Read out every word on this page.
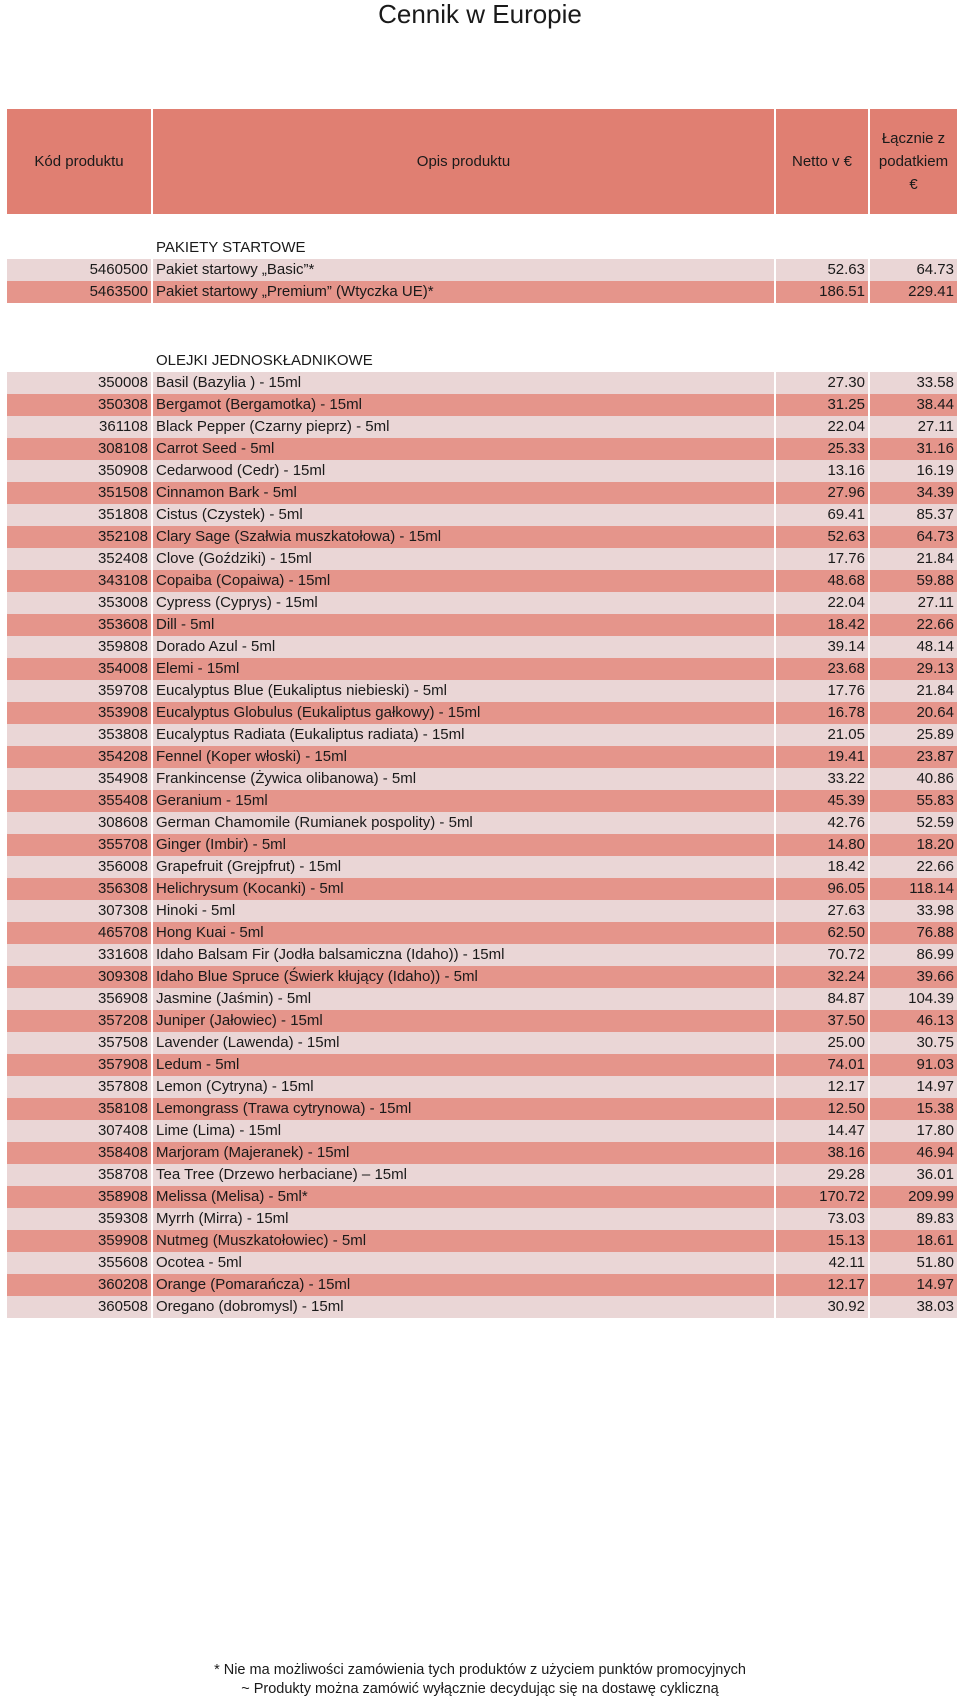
Cennik w Europie
Kód produktu	Opis produktu	Netto v €	Łącznie z
podatkiem
€

	PAKIETY STARTOWE		
5460500	Pakiet startowy „Basic”*	52.63	64.73
5463500	Pakiet startowy „Premium” (Wtyczka UE)*	186.51	229.41

	OLEJKI JEDNOSKŁADNIKOWE		
350008	Basil (Bazylia ) - 15ml	27.30	33.58
350308	Bergamot (Bergamotka) - 15ml	31.25	38.44
361108	Black Pepper (Czarny pieprz) - 5ml	22.04	27.11
308108	Carrot Seed - 5ml	25.33	31.16
350908	Cedarwood (Cedr) - 15ml	13.16	16.19
351508	Cinnamon Bark - 5ml	27.96	34.39
351808	Cistus (Czystek) - 5ml	69.41	85.37
352108	Clary Sage (Szałwia muszkatołowa) - 15ml	52.63	64.73
352408	Clove (Goździki) - 15ml	17.76	21.84
343108	Copaiba (Copaiwa) - 15ml	48.68	59.88
353008	Cypress (Cyprys) - 15ml	22.04	27.11
353608	Dill - 5ml	18.42	22.66
359808	Dorado Azul - 5ml	39.14	48.14
354008	Elemi - 15ml	23.68	29.13
359708	Eucalyptus Blue (Eukaliptus niebieski) - 5ml	17.76	21.84
353908	Eucalyptus Globulus (Eukaliptus gałkowy) - 15ml	16.78	20.64
353808	Eucalyptus Radiata (Eukaliptus radiata) - 15ml	21.05	25.89
354208	Fennel (Koper włoski) - 15ml	19.41	23.87
354908	Frankincense (Żywica olibanowa) - 5ml	33.22	40.86
355408	Geranium - 15ml	45.39	55.83
308608	German Chamomile (Rumianek pospolity) - 5ml	42.76	52.59
355708	Ginger (Imbir) - 5ml	14.80	18.20
356008	Grapefruit (Grejpfrut) - 15ml	18.42	22.66
356308	Helichrysum (Kocanki) - 5ml	96.05	118.14
307308	Hinoki - 5ml	27.63	33.98
465708	Hong Kuai - 5ml	62.50	76.88
331608	Idaho Balsam Fir (Jodła balsamiczna (Idaho)) - 15ml	70.72	86.99
309308	Idaho Blue Spruce (Świerk kłujący (Idaho)) - 5ml	32.24	39.66
356908	Jasmine (Jaśmin) - 5ml	84.87	104.39
357208	Juniper (Jałowiec) - 15ml	37.50	46.13
357508	Lavender (Lawenda) - 15ml	25.00	30.75
357908	Ledum - 5ml	74.01	91.03
357808	Lemon (Cytryna) - 15ml	12.17	14.97
358108	Lemongrass (Trawa cytrynowa) - 15ml	12.50	15.38
307408	Lime (Lima) - 15ml	14.47	17.80
358408	Marjoram (Majeranek) - 15ml	38.16	46.94
358708	Tea Tree (Drzewo herbaciane) – 15ml	29.28	36.01
358908	Melissa (Melisa) - 5ml*	170.72	209.99
359308	Myrrh (Mirra) - 15ml	73.03	89.83
359908	Nutmeg (Muszkatołowiec) - 5ml	15.13	18.61
355608	Ocotea - 5ml	42.11	51.80
360208	Orange (Pomarańcza) - 15ml	12.17	14.97
360508	Oregano (dobromysl) - 15ml	30.92	38.03
* Nie ma możliwości zamówienia tych produktów z użyciem punktów promocyjnych
~ Produkty można zamówić wyłącznie decydując się na dostawę cykliczną
